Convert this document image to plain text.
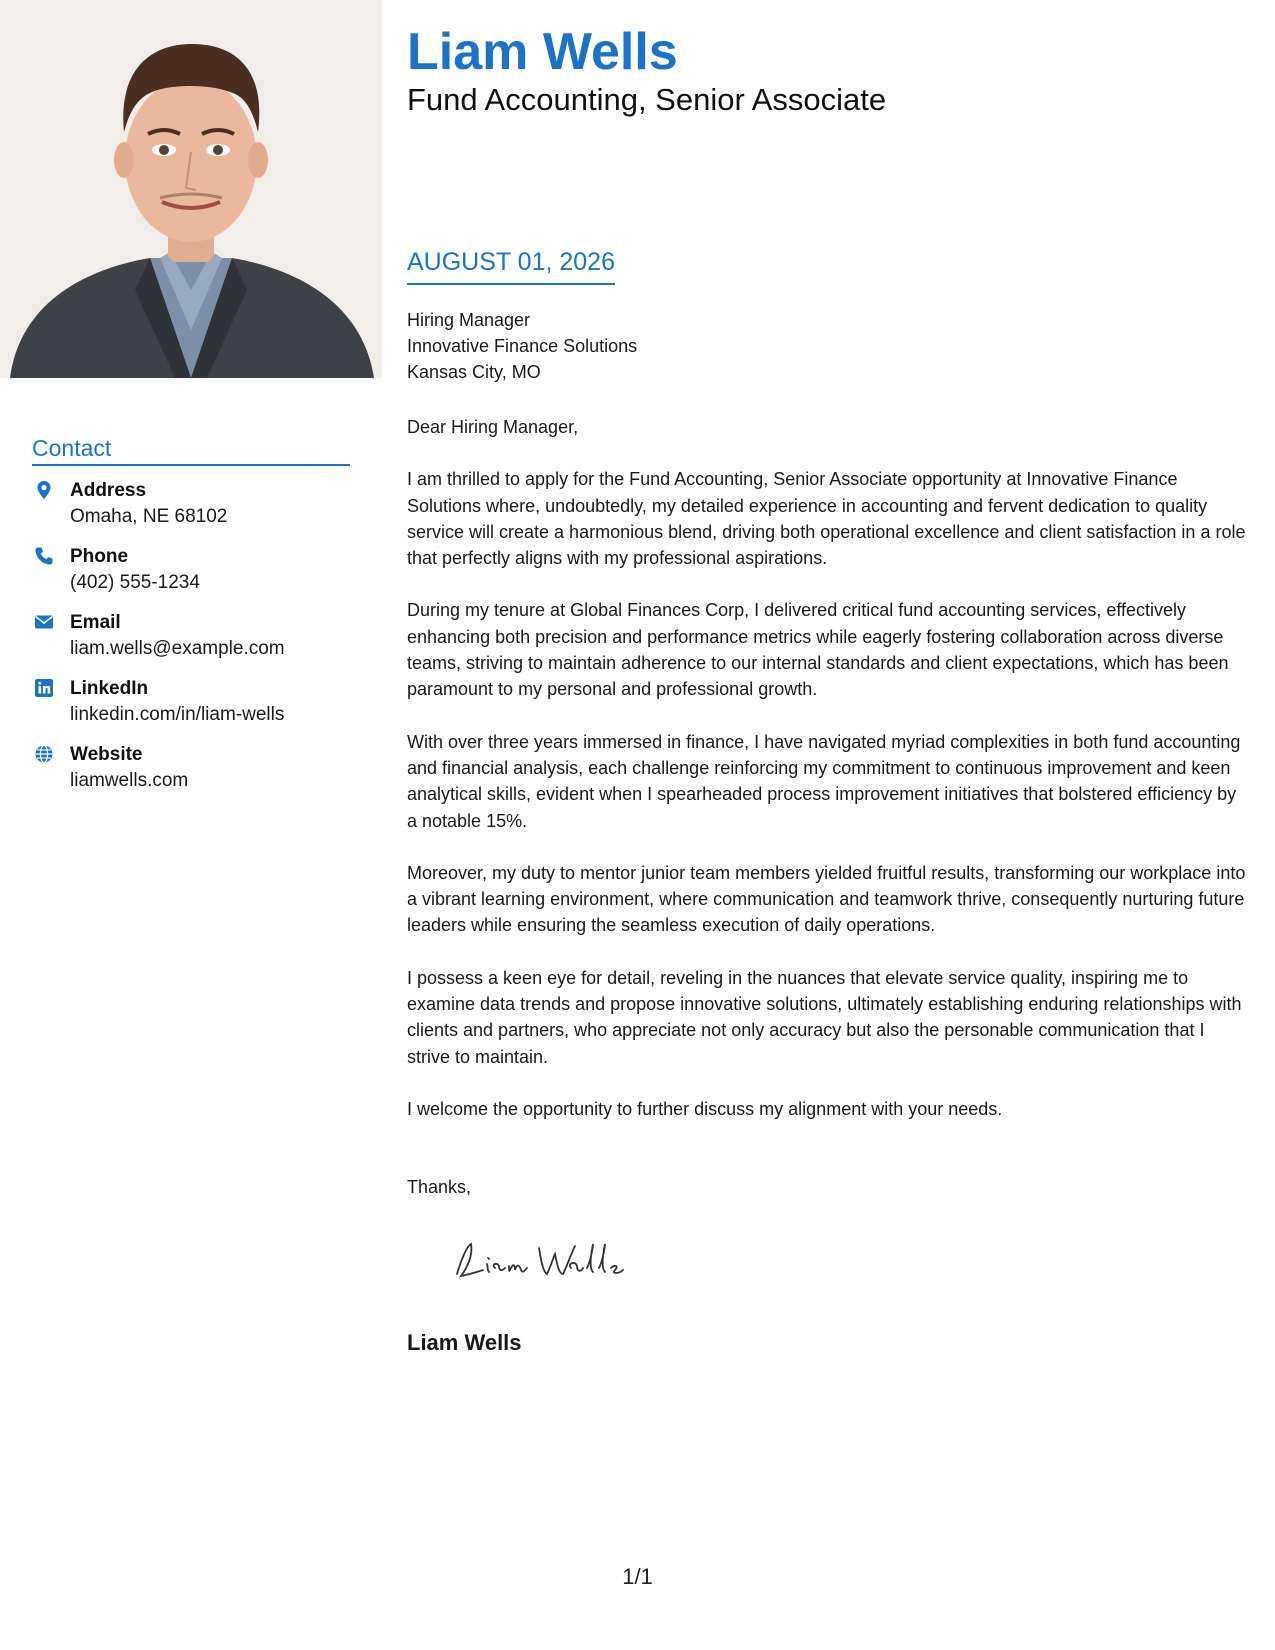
Contact
Address
Omaha, NE 68102
Phone
(402) 555-1234
Email
liam.wells@example.com
LinkedIn
linkedin.com/in/liam-wells
Website
liamwells.com
Liam Wells
Fund Accounting, Senior Associate
AUGUST 01, 2026
Hiring Manager
Innovative Finance Solutions
Kansas City, MO

Dear Hiring Manager,

I am thrilled to apply for the Fund Accounting, Senior Associate opportunity at Innovative Finance Solutions where, undoubtedly, my detailed experience in accounting and fervent dedication to quality service will create a harmonious blend, driving both operational excellence and client satisfaction in a role that perfectly aligns with my professional aspirations.

During my tenure at Global Finances Corp, I delivered critical fund accounting services, effectively enhancing both precision and performance metrics while eagerly fostering collaboration across diverse teams, striving to maintain adherence to our internal standards and client expectations, which has been paramount to my personal and professional growth.

With over three years immersed in finance, I have navigated myriad complexities in both fund accounting and financial analysis, each challenge reinforcing my commitment to continuous improvement and keen analytical skills, evident when I spearheaded process improvement initiatives that bolstered efficiency by a notable 15%.

Moreover, my duty to mentor junior team members yielded fruitful results, transforming our workplace into a vibrant learning environment, where communication and teamwork thrive, consequently nurturing future leaders while ensuring the seamless execution of daily operations.

I possess a keen eye for detail, reveling in the nuances that elevate service quality, inspiring me to examine data trends and propose innovative solutions, ultimately establishing enduring relationships with clients and partners, who appreciate not only accuracy but also the personable communication that I strive to maintain.

I welcome the opportunity to further discuss my alignment with your needs.

Thanks,
Liam Wells
1/1
